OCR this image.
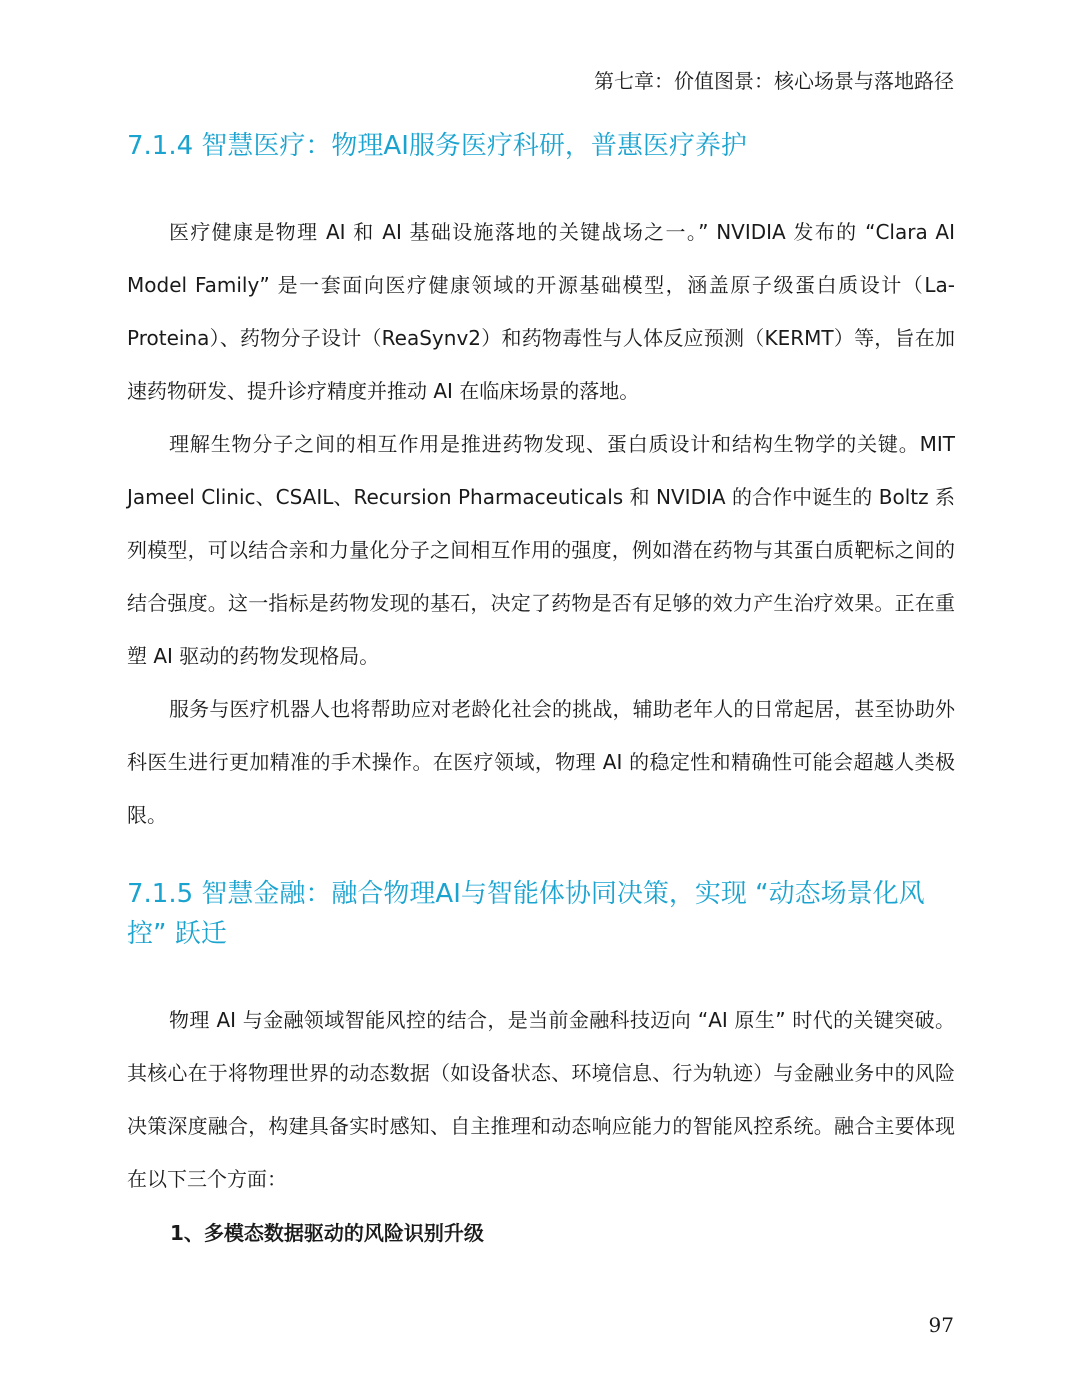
第七章：价值图景：核心场景与落地路径
7.1.4 智慧医疗：物理AI服务医疗科研，普惠医疗养护

医疗健康是物理 AI 和 AI 基础设施落地的关键战场之一。” NVIDIA 发布的 “Clara AI Model Family” 是一套面向医疗健康领域的开源基础模型，涵盖原子级蛋白质设计（La-Proteina）、药物分子设计（ReaSynv2）和药物毒性与人体反应预测（KERMT）等，旨在加速药物研发、提升诊疗精度并推动 AI 在临床场景的落地。

理解生物分子之间的相互作用是推进药物发现、蛋白质设计和结构生物学的关键。MIT Jameel Clinic、CSAIL、Recursion Pharmaceuticals 和 NVIDIA 的合作中诞生的 Boltz 系列模型，可以结合亲和力量化分子之间相互作用的强度，例如潜在药物与其蛋白质靶标之间的结合强度。这一指标是药物发现的基石，决定了药物是否有足够的效力产生治疗效果。正在重塑 AI 驱动的药物发现格局。

服务与医疗机器人也将帮助应对老龄化社会的挑战，辅助老年人的日常起居，甚至协助外科医生进行更加精准的手术操作。在医疗领域，物理 AI 的稳定性和精确性可能会超越人类极限。

7.1.5 智慧金融：融合物理AI与智能体协同决策，实现 “动态场景化风控” 跃迁

物理 AI 与金融领域智能风控的结合，是当前金融科技迈向 “AI 原生” 时代的关键突破。其核心在于将物理世界的动态数据（如设备状态、环境信息、行为轨迹）与金融业务中的风险决策深度融合，构建具备实时感知、自主推理和动态响应能力的智能风控系统。融合主要体现在以下三个方面：

1、多模态数据驱动的风险识别升级
97
